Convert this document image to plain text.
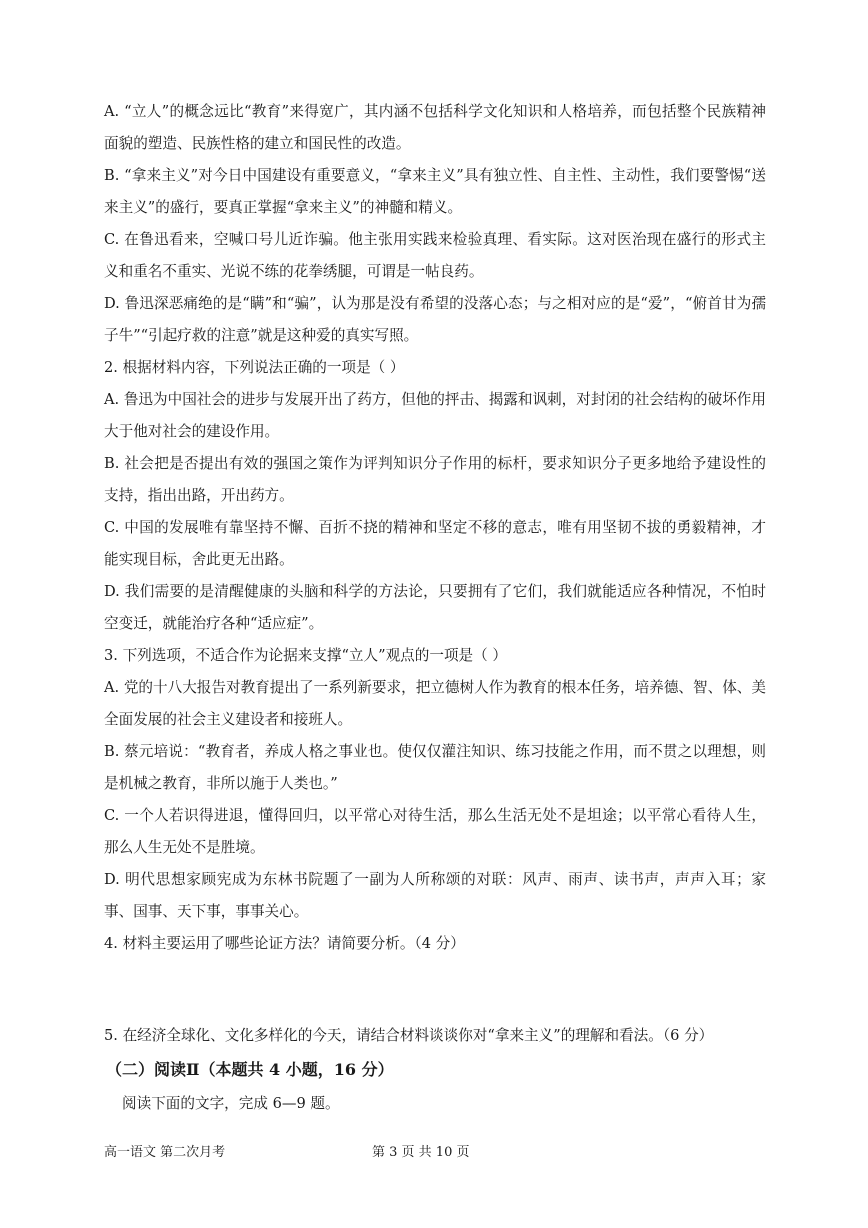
A. “立人”的概念远比“教育”来得宽广，其内涵不包括科学文化知识和人格培养，而包括整个民族精神面貌的塑造、民族性格的建立和国民性的改造。

B. “拿来主义”对今日中国建设有重要意义，“拿来主义”具有独立性、自主性、主动性，我们要警惕“送来主义”的盛行，要真正掌握“拿来主义”的神髓和精义。

C. 在鲁迅看来，空喊口号儿近诈骗。他主张用实践来检验真理、看实际。这对医治现在盛行的形式主义和重名不重实、光说不练的花拳绣腿，可谓是一帖良药。

D. 鲁迅深恶痛绝的是“瞒”和“骗”，认为那是没有希望的没落心态；与之相对应的是“爱”，“俯首甘为孺子牛”“引起疗救的注意”就是这种爱的真实写照。

2. 根据材料内容，下列说法正确的一项是（ ）

A. 鲁迅为中国社会的进步与发展开出了药方，但他的抨击、揭露和讽刺，对封闭的社会结构的破坏作用大于他对社会的建设作用。

B. 社会把是否提出有效的强国之策作为评判知识分子作用的标杆，要求知识分子更多地给予建设性的支持，指出出路，开出药方。

C. 中国的发展唯有靠坚持不懈、百折不挠的精神和坚定不移的意志，唯有用坚韧不拔的勇毅精神，才能实现目标，舍此更无出路。

D. 我们需要的是清醒健康的头脑和科学的方法论，只要拥有了它们，我们就能适应各种情况，不怕时空变迁，就能治疗各种“适应症”。

3. 下列选项，不适合作为论据来支撑“立人”观点的一项是（ ）

A. 党的十八大报告对教育提出了一系列新要求，把立德树人作为教育的根本任务，培养德、智、体、美全面发展的社会主义建设者和接班人。

B. 蔡元培说：“教育者，养成人格之事业也。使仅仅灌注知识、练习技能之作用，而不贯之以理想，则是机械之教育，非所以施于人类也。”

C. 一个人若识得进退，懂得回归，以平常心对待生活，那么生活无处不是坦途；以平常心看待人生，那么人生无处不是胜境。

D. 明代思想家顾宪成为东林书院题了一副为人所称颂的对联：风声、雨声、读书声，声声入耳；家事、国事、天下事，事事关心。

4. 材料主要运用了哪些论证方法？请简要分析。（4 分）

5. 在经济全球化、文化多样化的今天，请结合材料谈谈你对“拿来主义”的理解和看法。（6 分）

（二）阅读Ⅱ（本题共 4 小题，16 分）
阅读下面的文字，完成 6—9 题。
高一语文 第二次月考	第 3 页 共 10 页
